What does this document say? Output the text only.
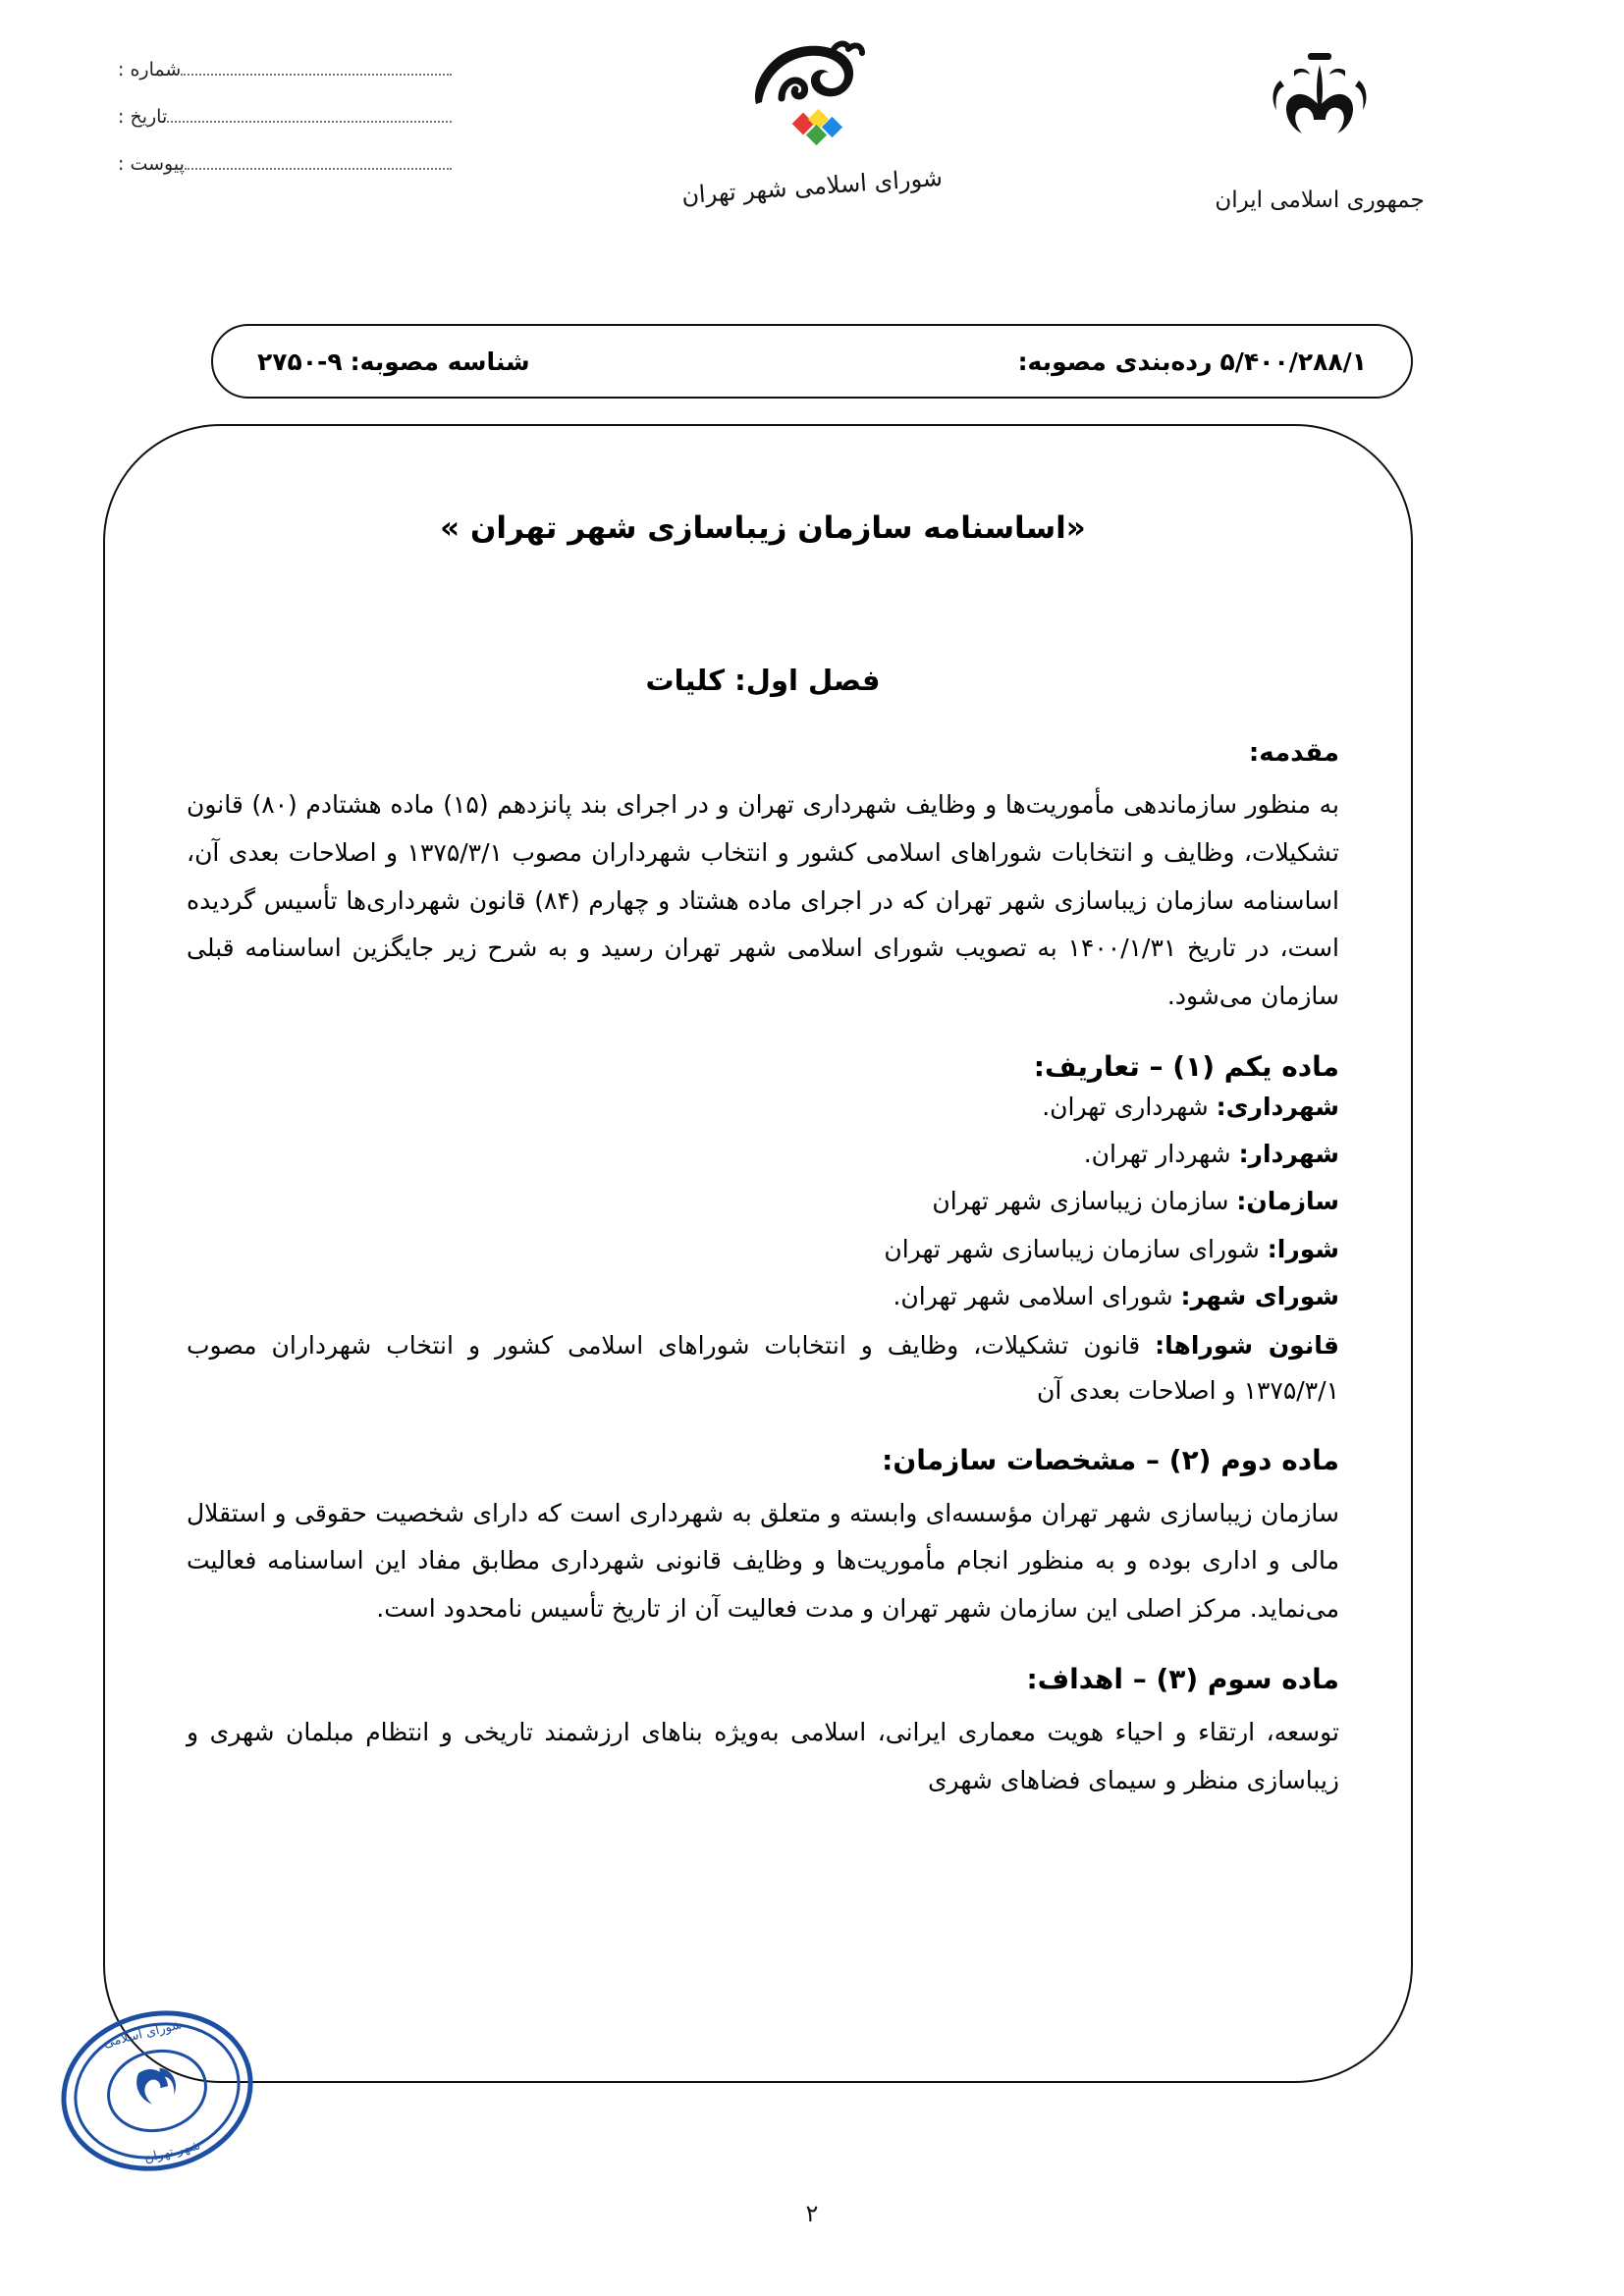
شماره :
تاریخ :
پیوست :	شورای اسلامی شهر تهران	جمهوری اسلامی ایران
۵/۴۰۰/۲۸۸/۱
رده‌بندی مصوبه:
شناسه مصوبه:
۲۷۵۰-۹
«اساسنامه سازمان زیباسازی شهر تهران »
فصل اول: کلیات
مقدمه:

به منظور سازماندهی مأموریت‌ها و وظایف شهرداری تهران و در اجرای بند پانزدهم (۱۵) ماده هشتادم (۸۰) قانون تشکیلات، وظایف و انتخابات شوراهای اسلامی کشور و انتخاب شهرداران مصوب ۱۳۷۵/۳/۱ و اصلاحات بعدی آن، اساسنامه سازمان زیباسازی شهر تهران که در اجرای ماده هشتاد و چهارم (۸۴) قانون شهرداری‌ها تأسیس گردیده است، در تاریخ ۱۴۰۰/۱/۳۱ به تصویب شورای اسلامی شهر تهران رسید و به شرح زیر جایگزین اساسنامه قبلی سازمان می‌شود.

ماده یکم (۱) – تعاریف:
شهرداری: شهرداری تهران.
شهردار: شهردار تهران.
سازمان: سازمان زیباسازی شهر تهران
شورا: شورای سازمان زیباسازی شهر تهران
شورای شهر: شورای اسلامی شهر تهران.
قانون شوراها: قانون تشکیلات، وظایف و انتخابات شوراهای اسلامی کشور و انتخاب شهرداران مصوب ۱۳۷۵/۳/۱ و اصلاحات بعدی آن
ماده دوم (۲) – مشخصات سازمان:

سازمان زیباسازی شهر تهران مؤسسه‌ای وابسته و متعلق به شهرداری است که دارای شخصیت حقوقی و استقلال مالی و اداری بوده و به منظور انجام مأموریت‌ها و وظایف قانونی شهرداری مطابق مفاد این اساسنامه فعالیت می‌نماید. مرکز اصلی این سازمان شهر تهران و مدت فعالیت آن از تاریخ تأسیس نامحدود است.

ماده سوم (۳) – اهداف:

توسعه، ارتقاء و احیاء هویت معماری ایرانی، اسلامی به‌ویژه بناهای ارزشمند تاریخی و انتظام مبلمان شهری و زیباسازی منظر و سیمای فضاهای شهری

شورای اسلامی
شهر تهران
۲
